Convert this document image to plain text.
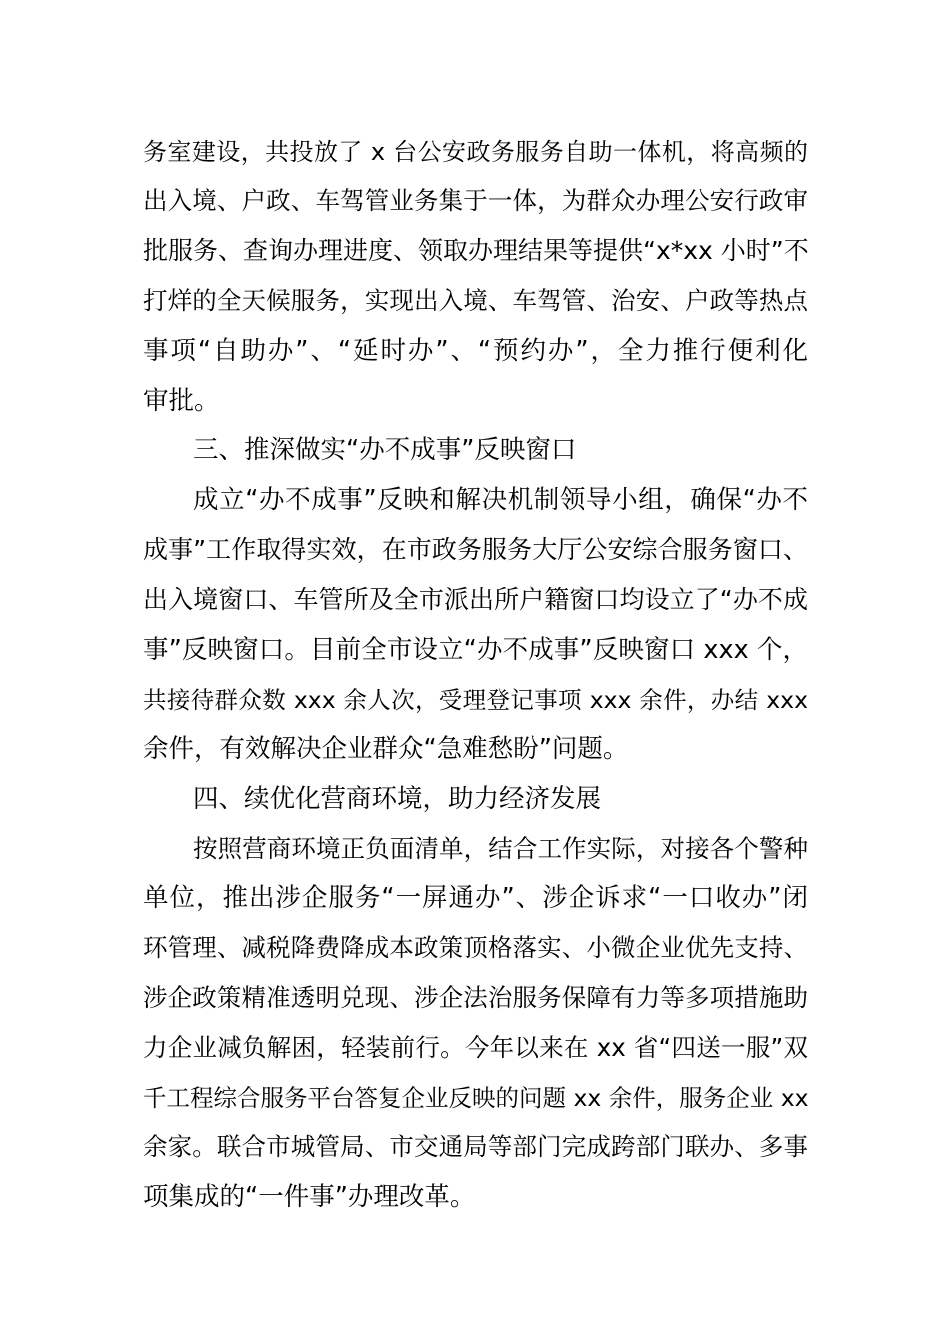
务室建设，共投放了 x 台公安政务服务自助一体机，将高频的
出入境、户政、车驾管业务集于一体，为群众办理公安行政审
批服务、查询办理进度、领取办理结果等提供“x*xx 小时”不
打烊的全天候服务，实现出入境、车驾管、治安、户政等热点
事项“自助办”、“延时办”、“预约办”，全力推行便利化
审批。
三、推深做实“办不成事”反映窗口
成立“办不成事”反映和解决机制领导小组，确保“办不
成事”工作取得实效，在市政务服务大厅公安综合服务窗口、
出入境窗口、车管所及全市派出所户籍窗口均设立了“办不成
事”反映窗口。目前全市设立“办不成事”反映窗口 xxx 个，
共接待群众数 xxx 余人次，受理登记事项 xxx 余件，办结 xxx
余件，有效解决企业群众“急难愁盼”问题。
四、续优化营商环境，助力经济发展
按照营商环境正负面清单，结合工作实际，对接各个警种
单位，推出涉企服务“一屏通办”、涉企诉求“一口收办”闭
环管理、减税降费降成本政策顶格落实、小微企业优先支持、
涉企政策精准透明兑现、涉企法治服务保障有力等多项措施助
力企业减负解困，轻装前行。今年以来在 xx 省“四送一服”双
千工程综合服务平台答复企业反映的问题 xx 余件，服务企业 xx
余家。联合市城管局、市交通局等部门完成跨部门联办、多事
项集成的“一件事”办理改革。
